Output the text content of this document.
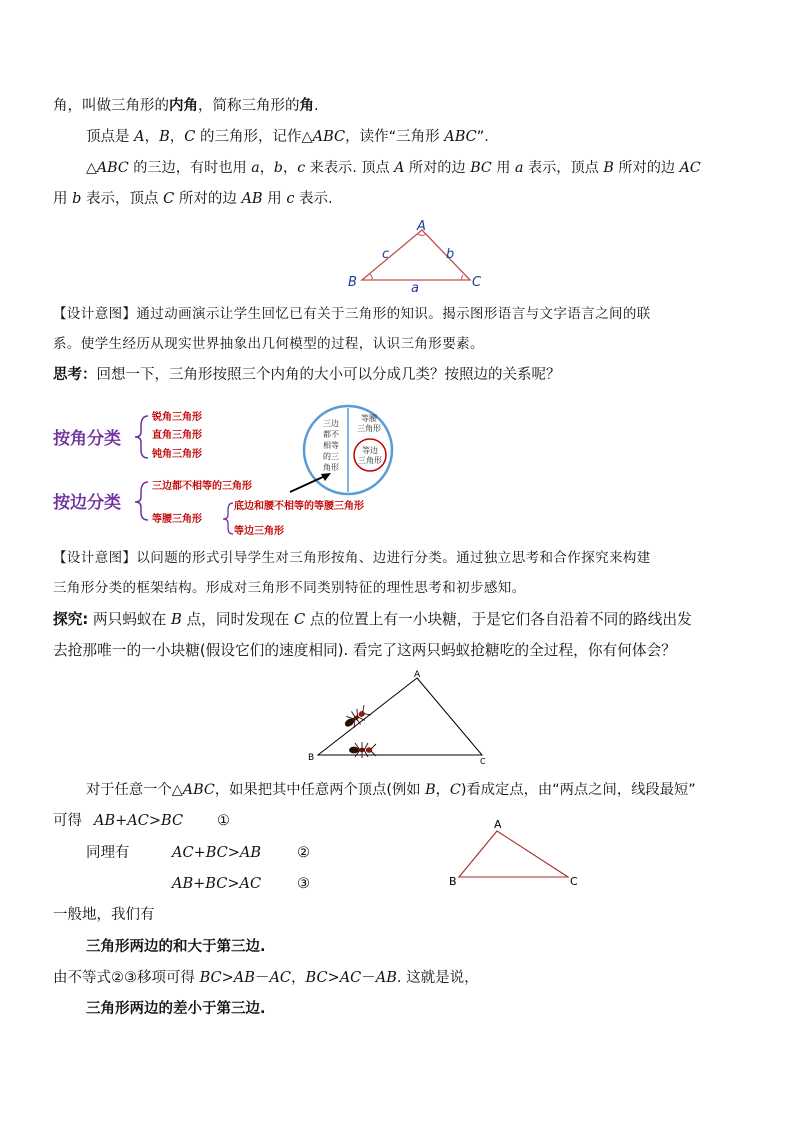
角，叫做三角形的内角，简称三角形的角.
顶点是 A，B，C 的三角形，记作△ABC，读作“三角形 ABC”.
△ABC 的三边，有时也用 a，b，c 来表示. 顶点 A 所对的边 BC 用 a 表示，顶点 B 所对的边 AC
用 b 表示，顶点 C 所对的边 AB 用 c 表示.
A
B	C
c	b
a
【设计意图】通过动画演示让学生回忆已有关于三角形的知识。揭示图形语言与文字语言之间的联
系。使学生经历从现实世界抽象出几何模型的过程，认识三角形要素。
思考：回想一下，三角形按照三个内角的大小可以分成几类？按照边的关系呢？
按角分类
锐角三角形
直角三角形
钝角三角形
按边分类
三边都不相等的三角形
等腰三角形
底边和腰不相等的等腰三角形
等边三角形
三边
都不
相等
的三
角形
等腰
三角形
等边
三角形
【设计意图】以问题的形式引导学生对三角形按角、边进行分类。通过独立思考和合作探究来构建
三角形分类的框架结构。形成对三角形不同类别特征的理性思考和初步感知。
探究: 两只蚂蚁在 B 点，同时发现在 C 点的位置上有一小块糖，于是它们各自沿着不同的路线出发
去抢那唯一的一小块糖(假设它们的速度相同). 看完了这两只蚂蚁抢糖吃的全过程，你有何体会？
A
B	C
对于任意一个△ABC，如果把其中任意两个顶点(例如 B，C)看成定点，由“两点之间，线段最短”
可得 AB+AC>BC ①
同理有	AC+BC>AB ②
AB+BC>AC ③
A
B	C
一般地，我们有
三角形两边的和大于第三边.
由不等式②③移项可得 BC>AB－AC，BC>AC－AB. 这就是说，
三角形两边的差小于第三边.
